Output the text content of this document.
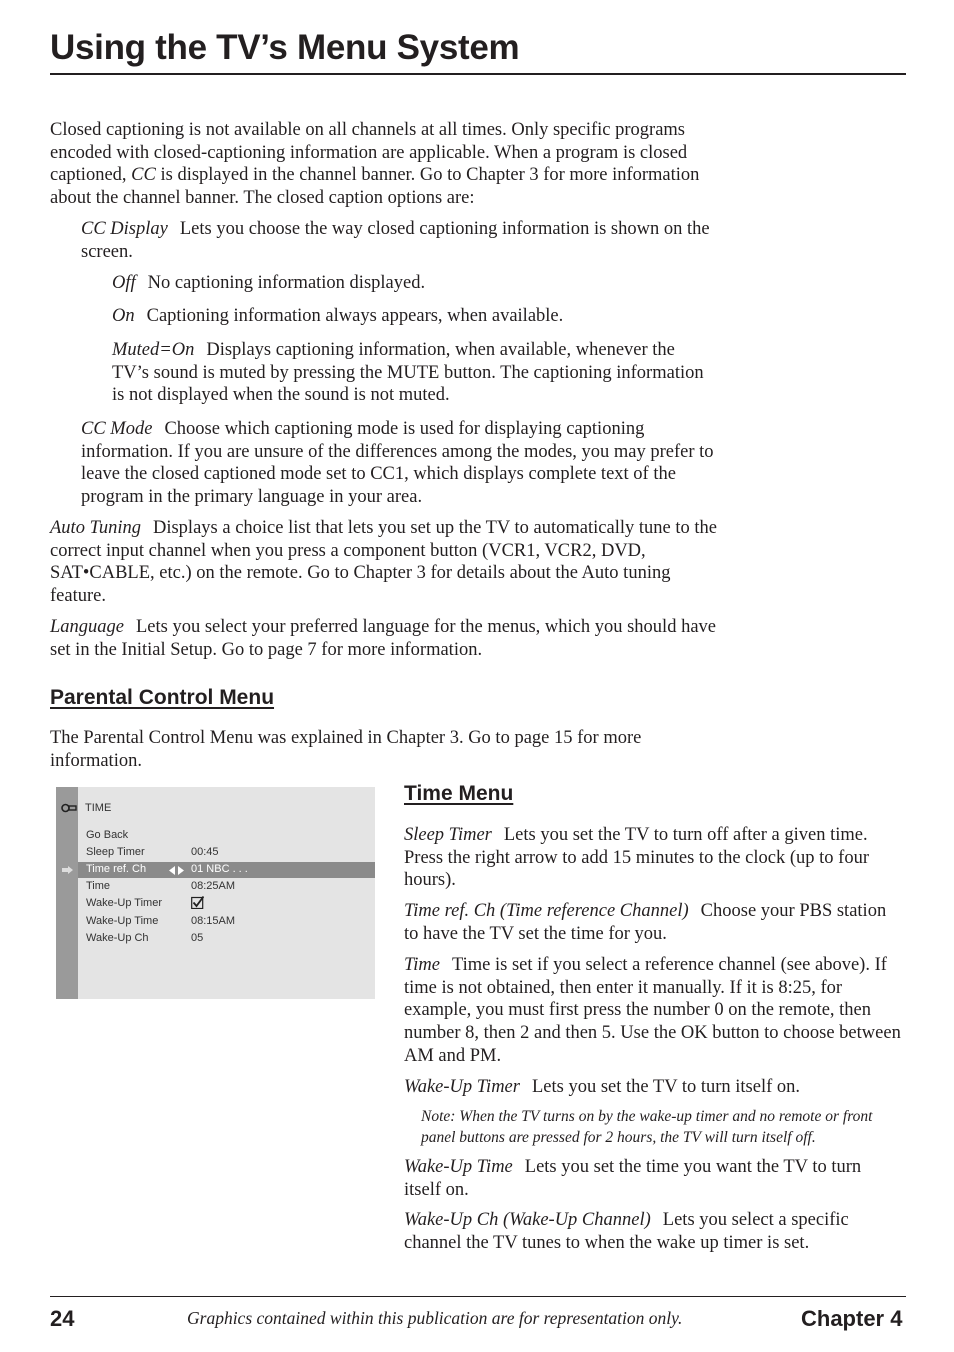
Using the TV’s Menu System

Closed captioning is not available on all channels at all times. Only specific programs encoded with closed-captioning information are applicable. When a program is closed captioned, CC is displayed in the channel banner. Go to Chapter 3 for more information about the channel banner. The closed caption options are:

CC Display Lets you choose the way closed captioning information is shown on the screen.

Off No captioning information displayed.

On Captioning information always appears, when available.

Muted=On Displays captioning information, when available, whenever the TV’s sound is muted by pressing the MUTE button. The captioning information is not displayed when the sound is not muted.

CC Mode Choose which captioning mode is used for displaying captioning information. If you are unsure of the differences among the modes, you may prefer to leave the closed captioned mode set to CC1, which displays complete text of the program in the primary language in your area.

Auto Tuning Displays a choice list that lets you set up the TV to automatically tune to the correct input channel when you press a component button (VCR1, VCR2, DVD, SAT•CABLE, etc.) on the remote. Go to Chapter 3 for details about the Auto tuning feature.

Language Lets you select your preferred language for the menus, which you should have set in the Initial Setup. Go to page 7 for more information.

Parental Control Menu

The Parental Control Menu was explained in Chapter 3. Go to page 15 for more information.

TIME
Go Back
Sleep Timer	00:45
Time ref. Ch	01 NBC . . .
Time	08:25AM
Wake-Up Timer
Wake-Up Time	08:15AM
Wake-Up Ch	05
Time Menu

Sleep Timer Lets you set the TV to turn off after a given time. Press the right arrow to add 15 minutes to the clock (up to four hours).

Time ref. Ch (Time reference Channel) Choose your PBS station to have the TV set the time for you.

Time Time is set if you select a reference channel (see above). If time is not obtained, then enter it manually. If it is 8:25, for example, you must first press the number 0 on the remote, then number 8, then 2 and then 5. Use the OK button to choose between AM and PM.

Wake-Up Timer Lets you set the TV to turn itself on.

Note: When the TV turns on by the wake-up timer and no remote or front panel buttons are pressed for 2 hours, the TV will turn itself off.

Wake-Up Time Lets you set the time you want the TV to turn itself on.

Wake-Up Ch (Wake-Up Channel) Lets you select a specific channel the TV tunes to when the wake up timer is set.

24	Graphics contained within this publication are for representation only.	Chapter 4
